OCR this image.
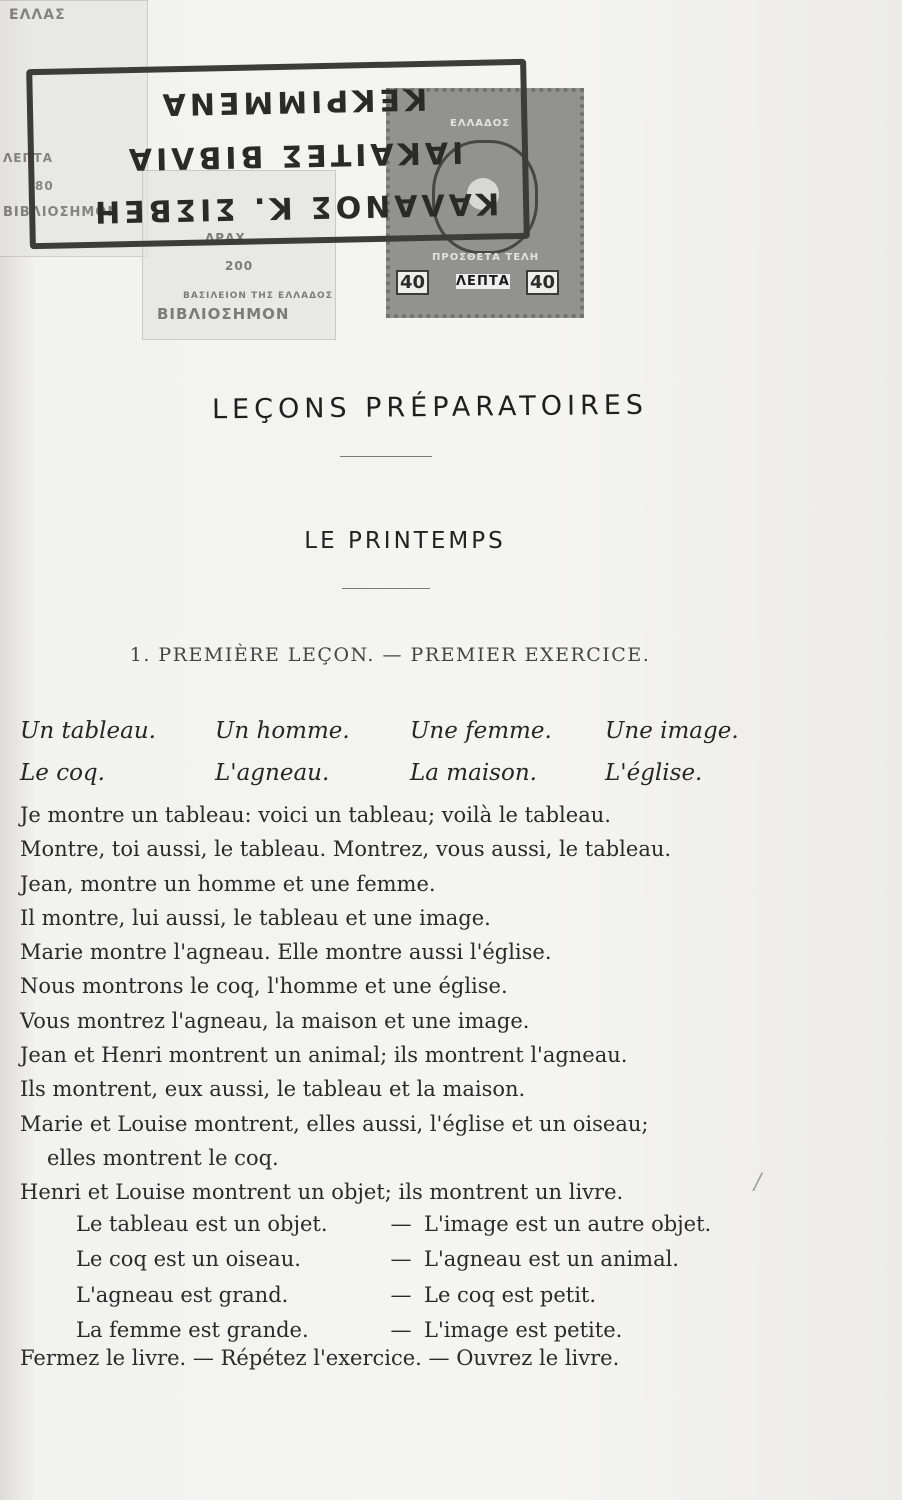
ΕΛΛΑΣ
ΛΕΠΤΑ
80
ΒΙΒΛΙΟΣΗΜΟΝ
ΔΡΑΧ.
200
ΒΑΣΙΛΕΙΟΝ ΤΗΣ ΕΛΛΑΔΟΣ
ΒΙΒΛΙΟΣΗΜΟΝ
ΕΛΛΑΔΟΣ
ΠΡΟΣΘΕΤΑ ΤΕΛΗ
40	ΛΕΠΤΑ 40
ΚΑΛΑΝΟΣ Κ. ΣΙΣΒΕΗ
ΙΑΚΑΙΤΕΣ ΒΙΒΛΙΑ
ΚΕΚΡΙΜΜΕΝΑ
LEÇONS PRÉPARATOIRES
LE PRINTEMPS
1. PREMIÈRE LEÇON. — PREMIER EXERCICE.
Un tableau.	Un homme.	Une femme.	Une image.
Le coq.	L'agneau.	La maison.	L'église.
Je montre un tableau: voici un tableau; voilà le tableau.
Montre, toi aussi, le tableau. Montrez, vous aussi, le tableau.
Jean, montre un homme et une femme.
Il montre, lui aussi, le tableau et une image.
Marie montre l'agneau. Elle montre aussi l'église.
Nous montrons le coq, l'homme et une église.
Vous montrez l'agneau, la maison et une image.
Jean et Henri montrent un animal; ils montrent l'agneau.
Ils montrent, eux aussi, le tableau et la maison.
Marie et Louise montrent, elles aussi, l'église et un oiseau;
elles montrent le coq.
Henri et Louise montrent un objet; ils montrent un livre.	/
Le tableau est un objet.	— L'image est un autre objet.
Le coq est un oiseau.	— L'agneau est un animal.
L'agneau est grand.	— Le coq est petit.
La femme est grande.	— L'image est petite.
Fermez le livre. — Répétez l'exercice. — Ouvrez le livre.
